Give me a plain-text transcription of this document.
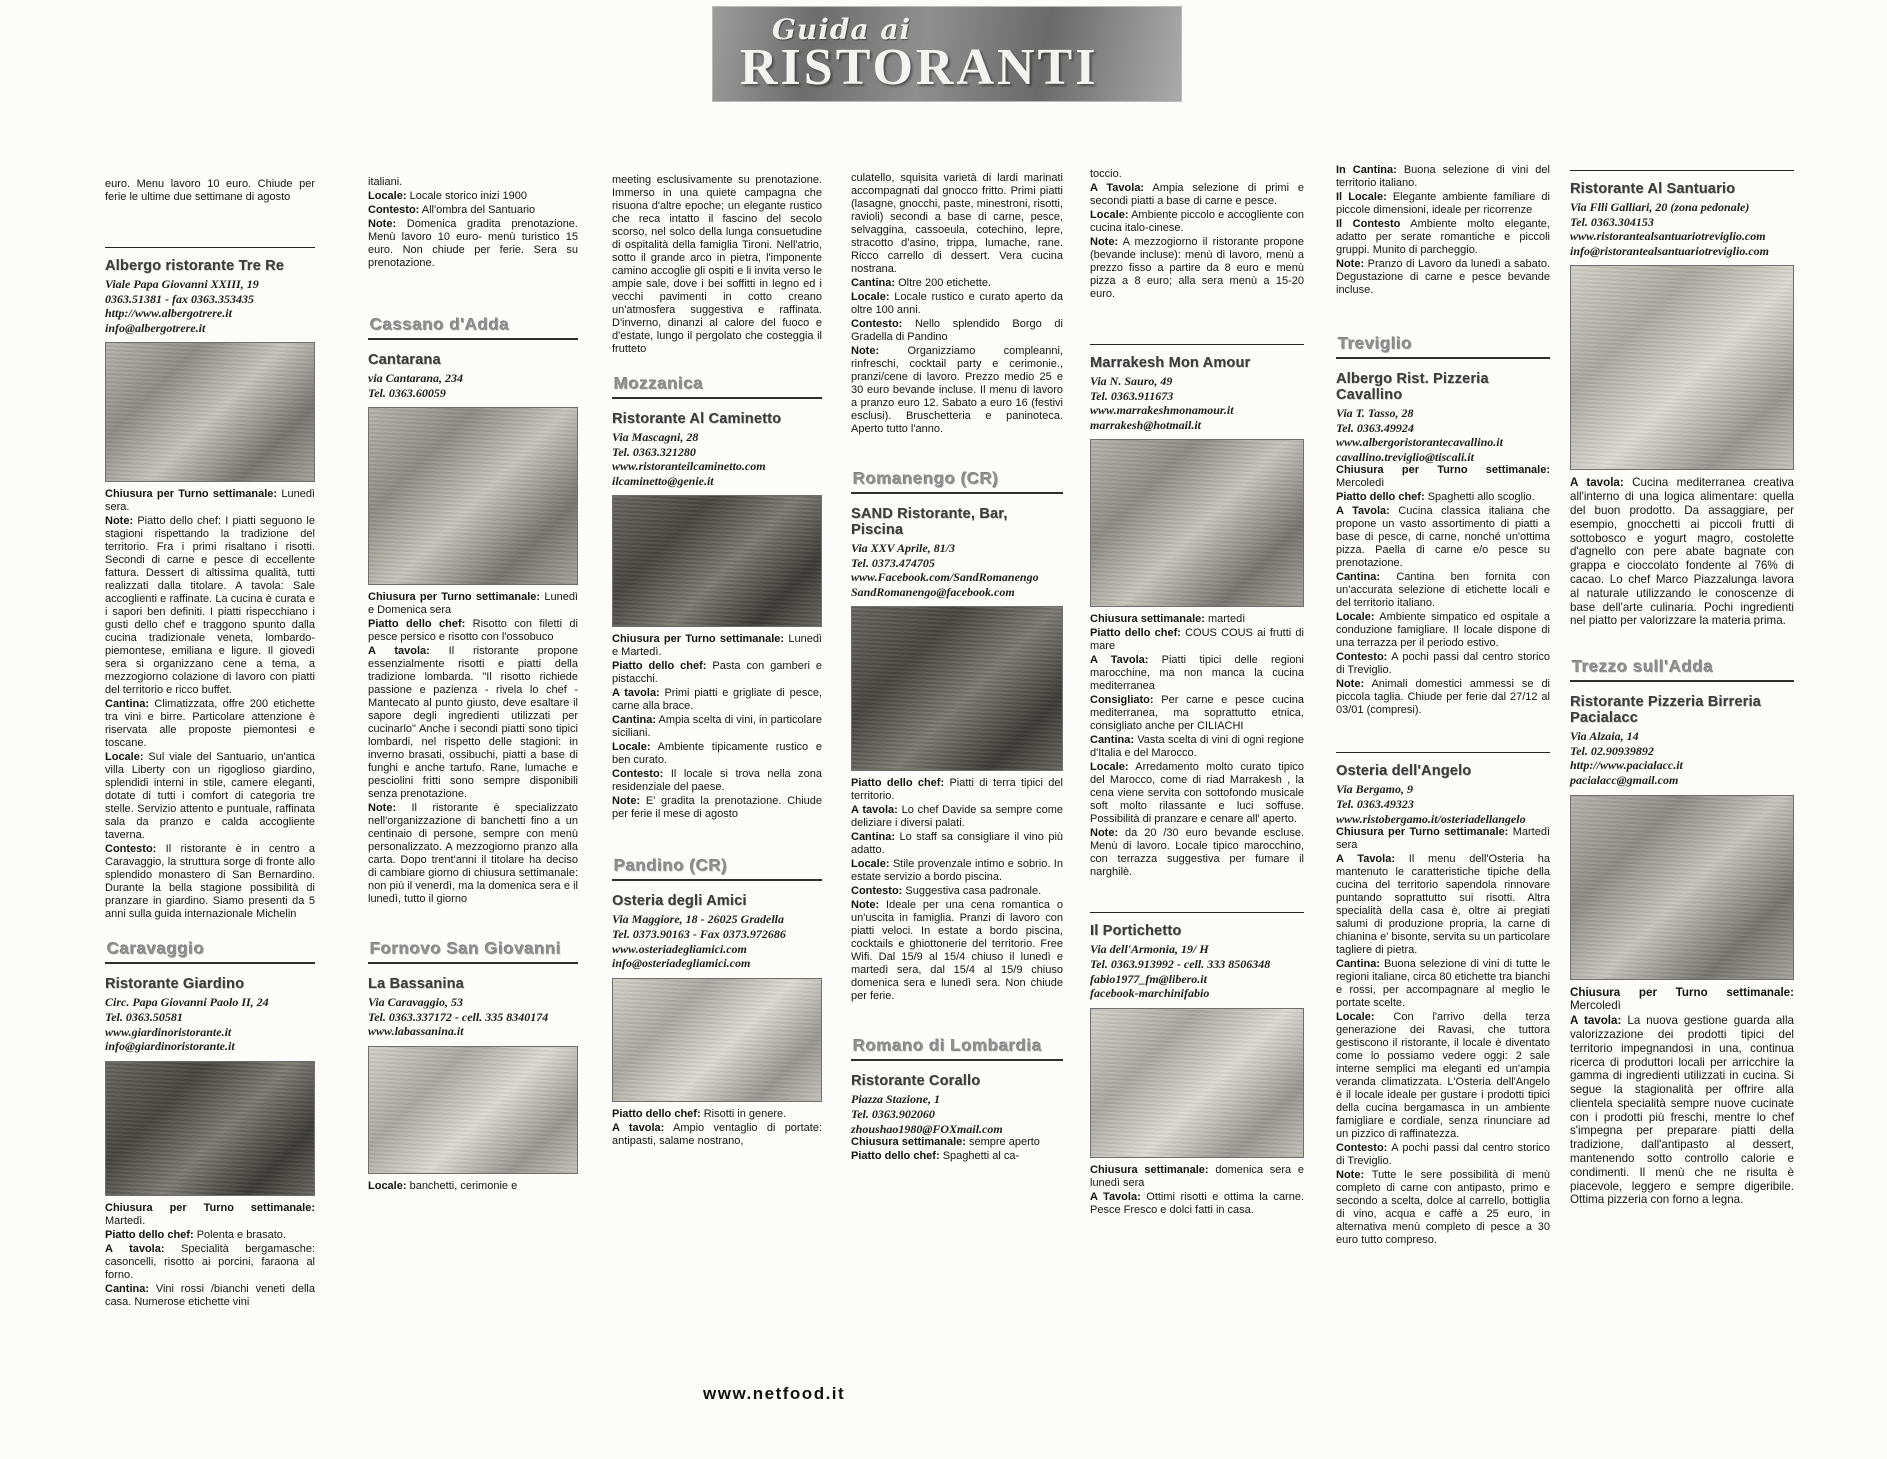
Guida ai
RISTORANTI

euro. Menu lavoro 10 euro. Chiude per ferie le ultime due settimane di agosto

Albergo ristorante Tre Re

Viale Papa Giovanni XXIII, 19

0363.51381 - fax 0363.353435

http://www.albergotrere.it

info@albergotrere.it

Chiusura per Turno settimanale: Lunedì sera.

Note: Piatto dello chef: I piatti seguono le stagioni rispettando la tradizione del territorio. Fra i primi risaltano i risotti. Secondi di carne e pesce di eccellente fattura. Dessert di altissima qualità, tutti realizzati dalla titolare. A tavola: Sale accoglienti e raffinate. La cucina è curata e i sapori ben definiti. I piatti rispecchiano i gusti dello chef e traggono spunto dalla cucina tradizionale veneta, lombardo-piemontese, emiliana e ligure. Il giovedì sera si organizzano cene a tema, a mezzogiorno colazione di lavoro con piatti del territorio e ricco buffet.

Cantina: Climatizzata, offre 200 etichette tra vini e birre. Particolare attenzione è riservata alle proposte piemontesi e toscane.

Locale: Sul viale del Santuario, un'antica villa Liberty con un rigoglioso giardino, splendidi interni in stile, camere eleganti, dotate di tutti i comfort di categoria tre stelle. Servizio attento e puntuale, raffinata sala da pranzo e calda accogliente taverna.

Contesto: Il ristorante è in centro a Caravaggio, la struttura sorge di fronte allo splendido monastero di San Bernardino. Durante la bella stagione possibilità di pranzare in giardino. Siamo presenti da 5 anni sulla guida internazionale Michelin

Caravaggio
Ristorante Giardino

Circ. Papa Giovanni Paolo II, 24

Tel. 0363.50581

www.giardinoristorante.it

info@giardinoristorante.it

Chiusura per Turno settimanale: Martedì.

Piatto dello chef: Polenta e brasato.

A tavola: Specialità bergamasche: casoncelli, risotto ai porcini, faraona al forno.

Cantina: Vini rossi /bianchi veneti della casa. Numerose etichette vini

italiani.

Locale: Locale storico inizi 1900

Contesto: All'ombra del Santuario

Note: Domenica gradita prenotazione. Menù lavoro 10 euro- menù turistico 15 euro. Non chiude per ferie. Sera su prenotazione.

Cassano d'Adda
Cantarana

via Cantarana, 234

Tel. 0363.60059

Chiusura per Turno settimanale: Lunedì e Domenica sera

Piatto dello chef: Risotto con filetti di pesce persico e risotto con l'ossobuco

A tavola: Il ristorante propone essenzialmente risotti e piatti della tradizione lombarda. "Il risotto richiede passione e pazienza - rivela lo chef - Mantecato al punto giusto, deve esaltare il sapore degli ingredienti utilizzati per cucinarlo" Anche i secondi piatti sono tipici lombardi, nel rispetto delle stagioni: in inverno brasati, ossibuchi, piatti a base di funghi e anche tartufo. Rane, lumache e pesciolini fritti sono sempre disponibili senza prenotazione.

Note: Il ristorante è specializzato nell'organizzazione di banchetti fino a un centinaio di persone, sempre con menù personalizzato. A mezzogiorno pranzo alla carta. Dopo trent'anni il titolare ha deciso di cambiare giorno di chiusura settimanale: non più il venerdì, ma la domenica sera e il lunedì, tutto il giorno

Fornovo San Giovanni
La Bassanina

Via Caravaggio, 53

Tel. 0363.337172 - cell. 335 8340174

www.labassanina.it

Locale: banchetti, cerimonie e

meeting esclusivamente su prenotazione. Immerso in una quiete campagna che risuona d'altre epoche; un elegante rustico che reca intatto il fascino del secolo scorso, nel solco della lunga consuetudine di ospitalità della famiglia Tironi. Nell'atrio, sotto il grande arco in pietra, l'imponente camino accoglie gli ospiti e li invita verso le ampie sale, dove i bei soffitti in legno ed i vecchi pavimenti in cotto creano un'atmosfera suggestiva e raffinata. D'inverno, dinanzi al calore del fuoco e d'estate, lungo il pergolato che costeggia il frutteto

Mozzanica
Ristorante Al Caminetto

Via Mascagni, 28

Tel. 0363.321280

www.ristoranteilcaminetto.com

ilcaminetto@genie.it

Chiusura per Turno settimanale: Lunedì e Martedì.

Piatto dello chef: Pasta con gamberi e pistacchi.

A tavola: Primi piatti e grigliate di pesce, carne alla brace.

Cantina: Ampia scelta di vini, in particolare siciliani.

Locale: Ambiente tipicamente rustico e ben curato.

Contesto: Il locale si trova nella zona residenziale del paese.

Note: E' gradita la prenotazione. Chiude per ferie il mese di agosto

Pandino (CR)
Osteria degli Amici

Via Maggiore, 18 - 26025 Gradella

Tel. 0373.90163 - Fax 0373.972686

www.osteriadegliamici.com

info@osteriadegliamici.com

Piatto dello chef: Risotti in genere.

A tavola: Ampio ventaglio di portate: antipasti, salame nostrano,

culatello, squisita varietà di lardi marinati accompagnati dal gnocco fritto. Primi piatti (lasagne, gnocchi, paste, minestroni, risotti, ravioli) secondi a base di carne, pesce, selvaggina, cassoeula, cotechino, lepre, stracotto d'asino, trippa, lumache, rane. Ricco carrello di dessert. Vera cucina nostrana.

Cantina: Oltre 200 etichette.

Locale: Locale rustico e curato aperto da oltre 100 anni.

Contesto: Nello splendido Borgo di Gradella di Pandino

Note:	Organizziamo compleanni, rinfreschi, cocktail party e cerimonie., pranzi/cene di lavoro. Prezzo medio 25 e 30 euro bevande incluse. Il menu di lavoro a pranzo euro 12. Sabato a euro 16 (festivi esclusi). Bruschetteria e paninoteca. Aperto tutto l'anno.

Romanengo (CR)
SAND Ristorante, Bar, Piscina

Via XXV Aprile, 81/3

Tel. 0373.474705

www.Facebook.com/SandRomanengo

SandRomanengo@facebook.com

Piatto dello chef: Piatti di terra tipici del territorio.

A tavola: Lo chef Davide sa sempre come deliziare i diversi palati.

Cantina: Lo staff sa consigliare il vino più adatto.

Locale: Stile provenzale intimo e sobrio. In estate servizio a bordo piscina.

Contesto: Suggestiva casa padronale.

Note: Ideale per una cena romantica o un'uscita in famiglia. Pranzi di lavoro con piatti veloci. In estate a bordo piscina, cocktails e ghiottonerie del territorio. Free Wifi. Dal 15/9 al 15/4 chiuso il lunedì e martedì sera, dal 15/4 al 15/9 chiuso domenica sera e lunedì sera. Non chiude per ferie.

Romano di Lombardia
Ristorante Corallo

Piazza Stazione, 1

Tel. 0363.902060

zhoushao1980@FOXmail.com

Chiusura settimanale: sempre aperto

Piatto dello chef: Spaghetti al ca-

toccio.

A Tavola: Ampia selezione di primi e secondi piatti a base di carne e pesce.

Locale: Ambiente piccolo e accogliente con cucina italo-cinese.

Note: A mezzogiorno il ristorante propone (bevande incluse): menù di lavoro, menù a prezzo fisso a partire da 8 euro e menù pizza a 8 euro; alla sera menù a 15-20 euro.

Marrakesh Mon Amour

Via N. Sauro, 49

Tel. 0363.911673

www.marrakeshmonamour.it

marrakesh@hotmail.it

Chiusura settimanale: martedì

Piatto dello chef: COUS COUS ai frutti di mare

A Tavola: Piatti tipici delle regioni marocchine, ma non manca la cucina mediterranea

Consigliato: Per carne e pesce cucina mediterranea, ma soprattutto etnica, consigliato anche per CILIACHI

Cantina: Vasta scelta di vini di ogni regione d'Italia e del Marocco.

Locale: Arredamento molto curato tipico del Marocco, come di riad Marrakesh , la cena viene servita con sottofondo musicale soft molto rilassante e luci soffuse. Possibilità di pranzare e cenare all' aperto.

Note: da 20 /30 euro bevande escluse. Menù di lavoro. Locale tipico marocchino, con terrazza suggestiva per fumare il narghilè.

Il Portichetto

Via dell'Armonia, 19/ H

Tel. 0363.913992 - cell. 333 8506348

fabio1977_fm@libero.it

facebook-marchinifabio

Chiusura settimanale: domenica sera e lunedì sera

A Tavola: Ottimi risotti e ottima la carne. Pesce Fresco e dolci fatti in casa.

In Cantina: Buona selezione di vini del territorio italiano.

Il Locale: Elegante ambiente familiare di piccole dimensioni, ideale per ricorrenze

Il Contesto Ambiente molto elegante, adatto per serate romantiche e piccoli gruppi. Munito di parcheggio.

Note: Pranzo di Lavoro da lunedì a sabato. Degustazione di carne e pesce bevande incluse.

Treviglio
Albergo Rist. Pizzeria Cavallino

Via T. Tasso, 28

Tel. 0363.49924

www.albergoristorantecavallino.it

cavallino.treviglio@tiscali.it

Chiusura per Turno settimanale: Mercoledì

Piatto dello chef: Spaghetti allo scoglio.

A Tavola: Cucina classica italiana che propone un vasto assortimento di piatti a base di pesce, di carne, nonché un'ottima pizza. Paella di carne e/o pesce su prenotazione.

Cantina: Cantina ben fornita con un'accurata selezione di etichette locali e del territorio italiano.

Locale: Ambiente simpatico ed ospitale a conduzione famigliare. Il locale dispone di una terrazza per il periodo estivo.

Contesto: A pochi passi dal centro storico di Treviglio.

Note: Animali domestici ammessi se di piccola taglia. Chiude per ferie dal 27/12 al 03/01 (compresi).

Osteria dell'Angelo

Via Bergamo, 9

Tel. 0363.49323

www.ristobergamo.it/osteriadellangelo

Chiusura per Turno settimanale: Martedì sera

A Tavola: Il menu dell'Osteria ha mantenuto le caratteristiche tipiche della cucina del territorio sapendola rinnovare puntando soprattutto sui risotti. Altra specialità della casa è, oltre ai pregiati salumi di produzione propria, la carne di chianina e' bisonte, servita su un particolare tagliere di pietra.

Cantina: Buona selezione di vini di tutte le regioni italiane, circa 80 etichette tra bianchi e rossi, per accompagnare al meglio le portate scelte.

Locale: Con l'arrivo della terza generazione dei Ravasi, che tuttora gestiscono il ristorante, il locale è diventato come lo possiamo vedere oggi: 2 sale interne semplici ma eleganti ed un'ampia veranda climatizzata. L'Osteria dell'Angelo è il locale ideale per gustare i prodotti tipici della cucina bergamasca in un ambiente famigliare e cordiale, senza rinunciare ad un pizzico di raffinatezza.

Contesto: A pochi passi dal centro storico di Treviglio.

Note: Tutte le sere possibilità di menù completo di carne con antipasto, primo e secondo a scelta, dolce al carrello, bottiglia di vino, acqua e caffè a 25 euro, in alternativa menù completo di pesce a 30 euro tutto compreso.

Ristorante Al Santuario

Via Flli Galliari, 20 (zona pedonale)

Tel. 0363.304153

www.ristorantealsantuariotreviglio.com

info@ristorantealsantuariotreviglio.com

A tavola: Cucina mediterranea creativa all'interno di una logica alimentare: quella del buon prodotto. Da assaggiare, per esempio, gnocchetti ai piccoli frutti di sottobosco e yogurt magro, costolette d'agnello con pere abate bagnate con grappa e cioccolato fondente al 76% di cacao. Lo chef Marco Piazzalunga lavora al naturale utilizzando le conoscenze di base dell'arte culinaria. Pochi ingredienti nel piatto per valorizzare la materia prima.

Trezzo sull'Adda
Ristorante Pizzeria Birreria Pacialacc

Via Alzaia, 14

Tel. 02.90939892

http://www.pacialacc.it

pacialacc@gmail.com

Chiusura per Turno settimanale: Mercoledì

A tavola: La nuova gestione guarda alla valorizzazione dei prodotti tipici del territorio impegnandosi in una, continua ricerca di produttori locali per arricchire la gamma di ingredienti utilizzati in cucina. Si segue la stagionalità per offrire alla clientela specialità sempre nuove cucinate con i prodotti più freschi, mentre lo chef s'impegna per preparare piatti della tradizione, dall'antipasto al dessert, mantenendo sotto controllo calorie e condimenti. Il menù che ne risulta è piacevole, leggero e sempre digeribile. Ottima pizzeria con forno a legna.

www.netfood.it
